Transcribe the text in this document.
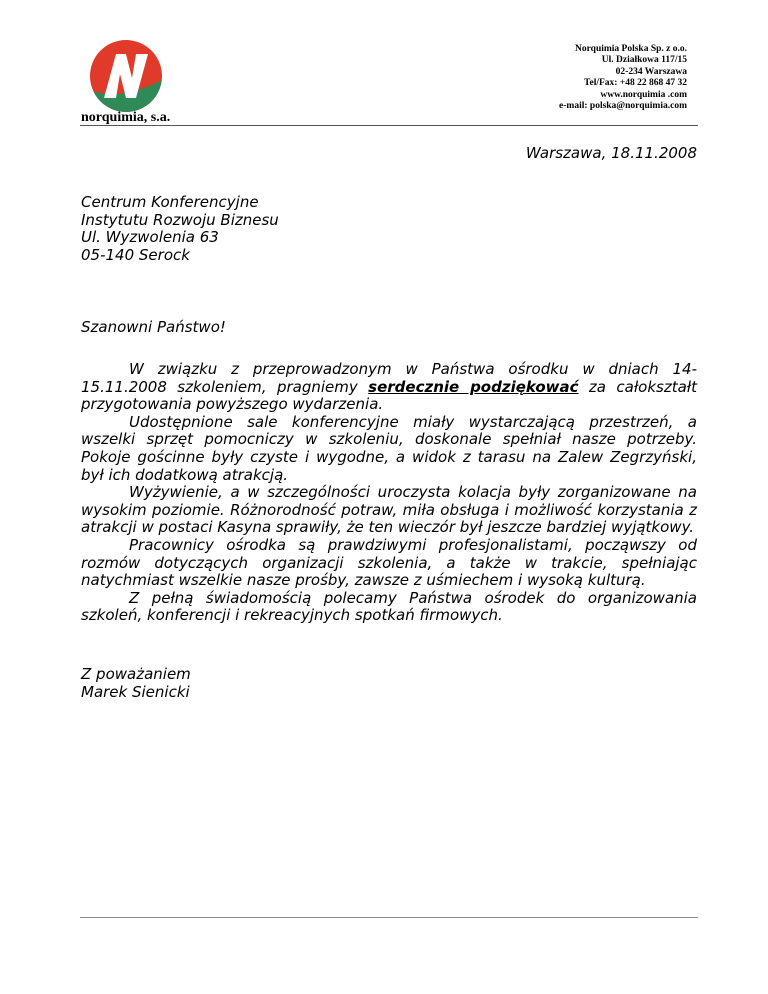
norquimia, s.a.
Norquimia Polska Sp. z o.o.
Ul. Działkowa 117/15
02-234 Warszawa
Tel/Fax: +48 22 868 47 32
www.norquimia .com
e-mail: polska@norquimia.com
Warszawa, 18.11.2008
Centrum Konferencyjne
Instytutu Rozwoju Biznesu
Ul. Wyzwolenia 63
05-140 Serock
Szanowni Państwo!

W związku z przeprowadzonym w Państwa ośrodku w dniach 14-15.11.2008 szkoleniem, pragniemy serdecznie podziękować za całokształt przygotowania powyższego wydarzenia.

Udostępnione sale konferencyjne miały wystarczającą przestrzeń, a wszelki sprzęt pomocniczy w szkoleniu, doskonale spełniał nasze potrzeby. Pokoje gościnne były czyste i wygodne, a widok z tarasu na Zalew Zegrzyński, był ich dodatkową atrakcją.

Wyżywienie, a w szczególności uroczysta kolacja były zorganizowane na wysokim poziomie. Różnorodność potraw, miła obsługa i możliwość korzystania z atrakcji w postaci Kasyna sprawiły, że ten wieczór był jeszcze bardziej wyjątkowy.

Pracownicy ośrodka są prawdziwymi profesjonalistami, począwszy od rozmów dotyczących organizacji szkolenia, a także w trakcie, spełniając natychmiast wszelkie nasze prośby, zawsze z uśmiechem i wysoką kulturą.

Z pełną świadomością polecamy Państwa ośrodek do organizowania szkoleń, konferencji i rekreacyjnych spotkań firmowych.

Z poważaniem
Marek Sienicki
